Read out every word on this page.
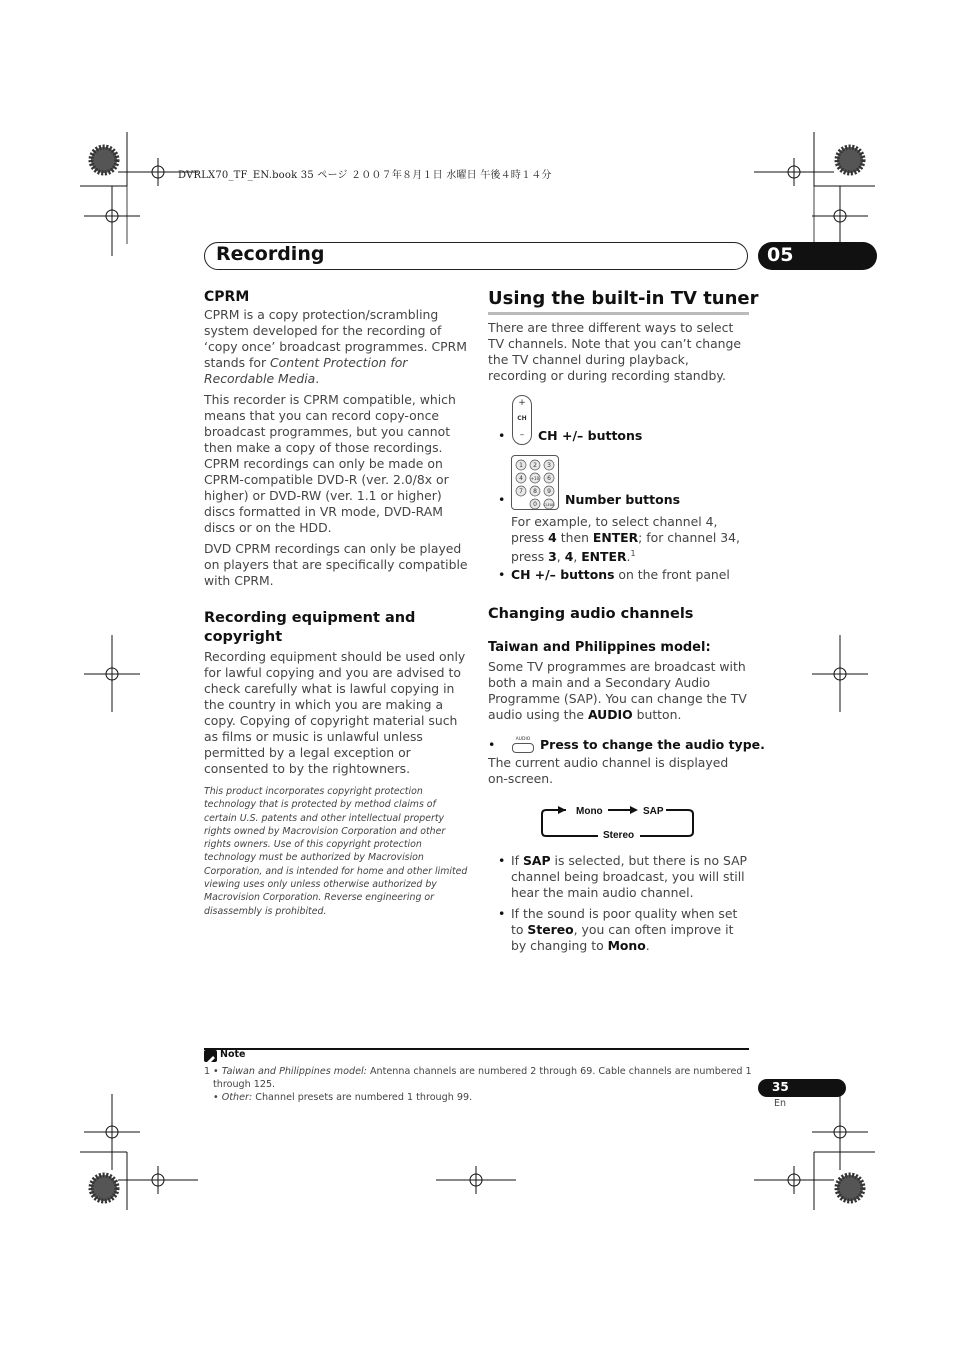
DVRLX70_TF_EN.book 35 ページ ２００７年８月１日 水曜日 午後４時１４分
Recording	05
CPRM

CPRM is a copy protection/scrambling system developed for the recording of ‘copy once’ broadcast programmes. CPRM stands for Content Protection for Recordable Media.

This recorder is CPRM compatible, which means that you can record copy-once broadcast programmes, but you cannot then make a copy of those recordings. CPRM recordings can only be made on CPRM-compatible DVD-R (ver. 2.0/8x or higher) or DVD-RW (ver. 1.1 or higher) discs formatted in VR mode, DVD-RAM discs or on the HDD.

DVD CPRM recordings can only be played on players that are specifically compatible with CPRM.

Recording equipment and copyright

Recording equipment should be used only for lawful copying and you are advised to check carefully what is lawful copying in the country in which you are making a copy. Copying of copyright material such as films or music is unlawful unless permitted by a legal exception or consented to by the rightowners.

This product incorporates copyright protection technology that is protected by method claims of certain U.S. patents and other intellectual property rights owned by Macrovision Corporation and other rights owners. Use of this copyright protection technology must be authorized by Macrovision Corporation, and is intended for home and other limited viewing uses only unless otherwise authorized by Macrovision Corporation. Reverse engineering or disassembly is prohibited.
Using the built-in TV tuner
There are three different ways to select TV channels. Note that you can’t change the TV channel during playback, recording or during recording standby.
+
CH
–
•	CH +/– buttons
1 2 3
4 +10 6
7 8 9
0 CLEAR
•	Number buttons
For example, to select channel 4, press 4 then ENTER; for channel 34, press 3, 4, ENTER.$^1$
• CH +/– buttons on the front panel
Changing audio channels
Taiwan and Philippines model:
Some TV programmes are broadcast with both a main and a Secondary Audio Programme (SAP). You can change the TV audio using the AUDIO button.
•	AUDIO Press to change the audio type.
The current audio channel is displayed on-screen.
Mono	SAP
Stereo
• If SAP is selected, but there is no SAP channel being broadcast, you will still hear the main audio channel.
• If the sound is poor quality when set to Stereo, you can often improve it by changing to Mono.
Note
1 • Taiwan and Philippines model: Antenna channels are numbered 2 through 69. Cable channels are numbered 1 through 125.
• Other: Channel presets are numbered 1 through 99.
35
En
